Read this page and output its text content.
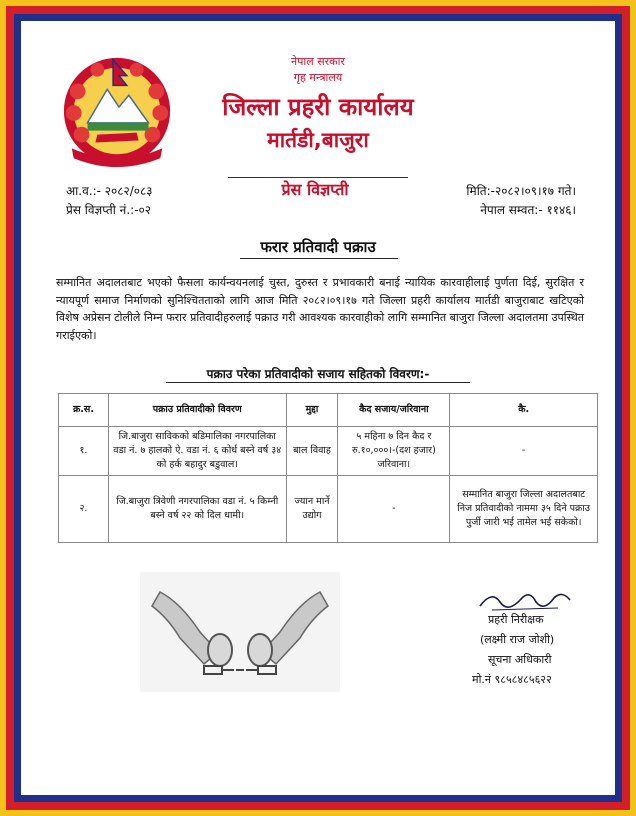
नेपाल सरकार
गृह मन्त्रालय
जिल्ला प्रहरी कार्यालय
मार्तडी,बाजुरा
आ.व.:- २०८२/०८३
प्रेस विज्ञप्ती नं.:-०२
मिति:-२०८२।०९।१७ गते।
नेपाल सम्वत:- ११४६।
प्रेस विज्ञप्ती
फरार प्रतिवादी पक्राउ
सम्मानित अदालतबाट भएको फैसला कार्यन्वयनलाई चुस्त, दुरुस्त र प्रभावकारी बनाई न्यायिक कारवाहीलाई पुर्णता दिई, सुरक्षित र न्यायपूर्ण समाज निर्माणको सुनिश्चितताको लागि आज मिति २०८२।०९।१७ गते जिल्ला प्रहरी कार्यालय मार्तडी बाजुराबाट खटिएको विशेष अप्रेसन टोलीले निम्न फरार प्रतिवादीहरुलाई पक्राउ गरी आवश्यक कारवाहीको लागि सम्मानित बाजुरा जिल्ला अदालतमा उपस्थित गराईएको।
पक्राउ परेका प्रतिवादीको सजाय सहितको विवरण:-
क्र.स.	पक्राउ प्रतिवादीको विवरण	मुद्दा	कैद सजाय/जरिवाना	कै.
१.	जि.बाजुरा साविकको बडिमालिका नगरपालिका वडा नं. ७ हालको ऐ. वडा नं. ६ कोर्ध बस्ने वर्ष ३४ को हर्क बहादुर बडुवाल।	बाल विवाह	५ महिना ७ दिन कैद र रु.१०,०००।-(दश हजार) जरिवाना।	-
२.	जि.बाजुरा त्रिवेणी नगरपालिका वडा नं. ५ किम्नी बस्ने वर्ष २२ को दिल धामी।	ज्यान मार्ने उद्योग	-	सम्मानित बाजुरा जिल्ला अदालतबाट निज प्रतिवादीको नाममा ३५ दिने पक्राउ पुर्जी जारी भई तामेल भई सकेको।
प्रहरी निरीक्षक
(लक्ष्मी राज जोशी)
सूचना अधिकारी
मो.नं ९८५८४८५६२२
